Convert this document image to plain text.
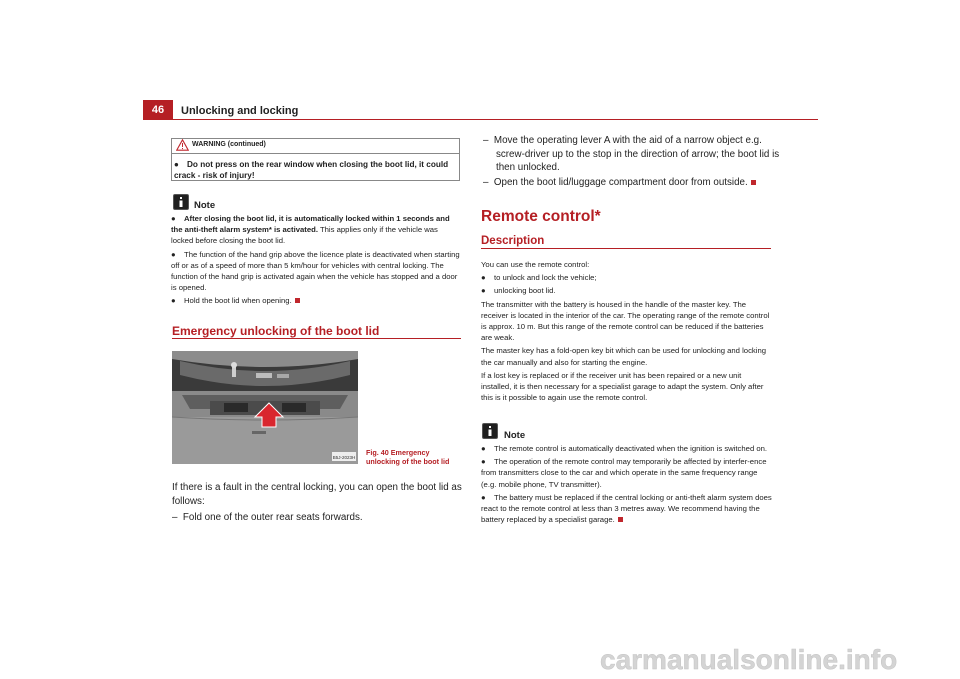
46	Unlocking and locking
WARNING (continued)
● Do not press on the rear window when closing the boot lid, it could crack - risk of injury!
Note
● After closing the boot lid, it is automatically locked within 1 seconds and the anti-theft alarm system* is activated. This applies only if the vehicle was locked before closing the boot lid.
● The function of the hand grip above the licence plate is deactivated when starting off or as of a speed of more than 5 km/hour for vehicles with central locking. The function of the hand grip is activated again when the vehicle has stopped and a door is opened.
● Hold the boot lid when opening.
Emergency unlocking of the boot lid
B5J-2023H
Fig. 40 Emergency unlocking of the boot lid
If there is a fault in the central locking, you can open the boot lid as follows:
–  Fold one of the outer rear seats forwards.
–  Move the operating lever A with the aid of a narrow object e.g. screw-driver up to the stop in the direction of arrow; the boot lid is then unlocked.
–  Open the boot lid/luggage compartment door from outside.
Remote control*
Description
You can use the remote control:
● to unlock and lock the vehicle;
● unlocking boot lid.
The transmitter with the battery is housed in the handle of the master key. The receiver is located in the interior of the car. The operating range of the remote control is approx. 10 m. But this range of the remote control can be reduced if the batteries are weak.
The master key has a fold-open key bit which can be used for unlocking and locking the car manually and also for starting the engine.
If a lost key is replaced or if the receiver unit has been repaired or a new unit installed, it is then necessary for a specialist garage to adapt the system. Only after this is it possible to again use the remote control.
Note
● The remote control is automatically deactivated when the ignition is switched on.
● The operation of the remote control may temporarily be affected by interfer-ence from transmitters close to the car and which operate in the same frequency range (e.g. mobile phone, TV transmitter).
● The battery must be replaced if the central locking or anti-theft alarm system does react to the remote control at less than 3 metres away. We recommend having the battery replaced by a specialist garage.
carmanualsonline.info
